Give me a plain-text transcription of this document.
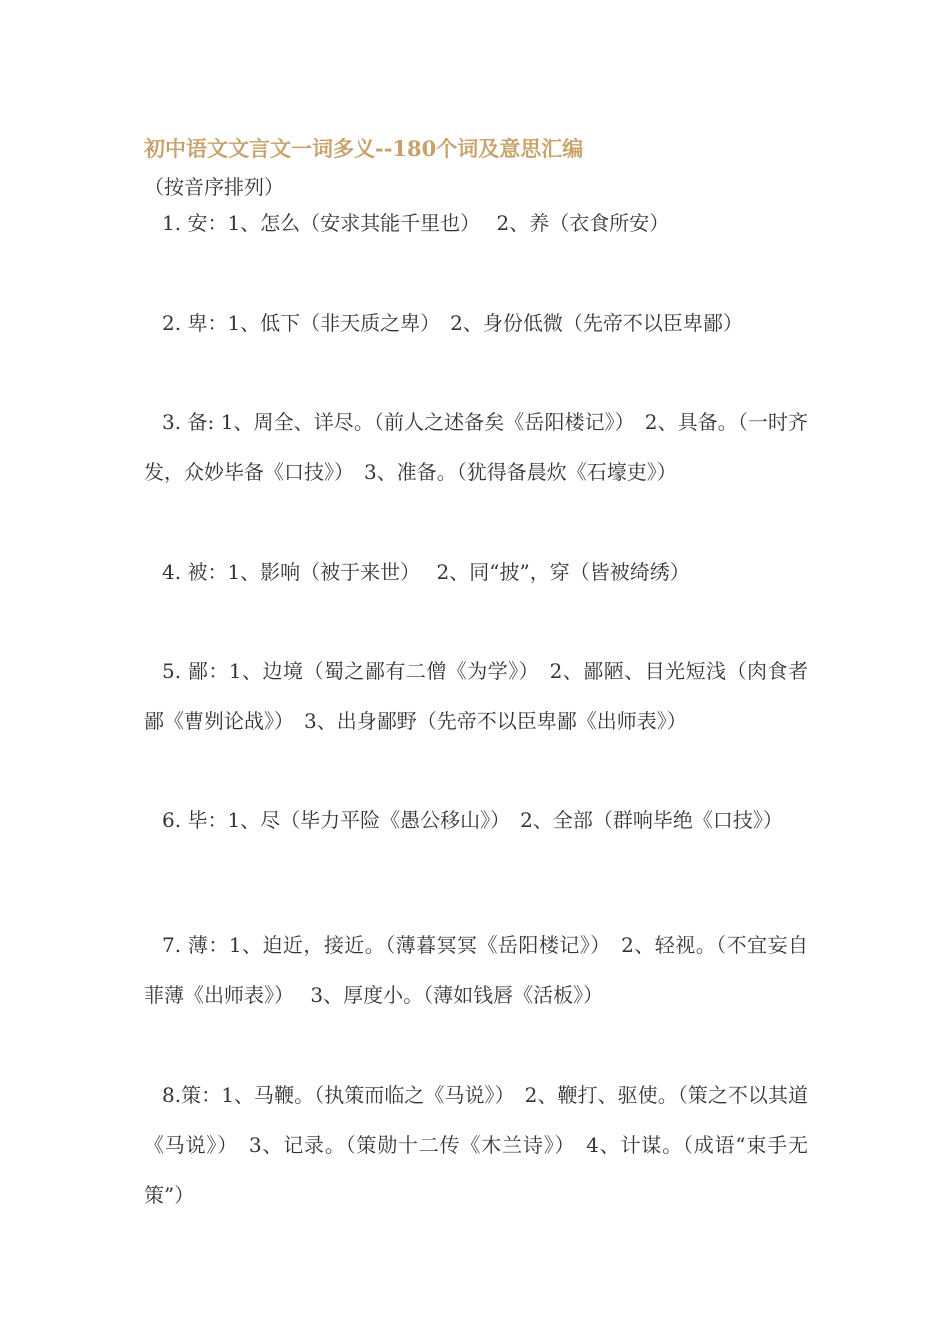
初中语文文言文一词多义--180个词及意思汇编
（按音序排列）

1. 安：1、怎么（安求其能千里也）　 2、养（衣食所安）

2. 卑：1、低下（非天质之卑）　2、身份低微（先帝不以臣卑鄙）

3. 备: 1、周全、详尽。（前人之述备矣《岳阳楼记》）　2、具备。（一时齐发，众妙毕备《口技》）　3、准备。（犹得备晨炊《石壕吏》）

4. 被：1、影响（被于来世）　 2、同“披”，穿（皆被绮绣）

5. 鄙：1、边境（蜀之鄙有二僧《为学》）　2、鄙陋、目光短浅（肉食者鄙《曹刿论战》）　3、出身鄙野（先帝不以臣卑鄙《出师表》）

6. 毕：1、尽（毕力平险《愚公移山》）　2、全部（群响毕绝《口技》）

7. 薄：1、迫近，接近。（薄暮冥冥《岳阳楼记》）　2、轻视。（不宜妄自菲薄《出师表》）　 3、厚度小。（薄如钱唇《活板》）

8.策：1、马鞭。（执策而临之《马说》）　2、鞭打、驱使。（策之不以其道《马说》）　3、记录。（策勋十二传《木兰诗》）　4、计谋。（成语“束手无策”）
